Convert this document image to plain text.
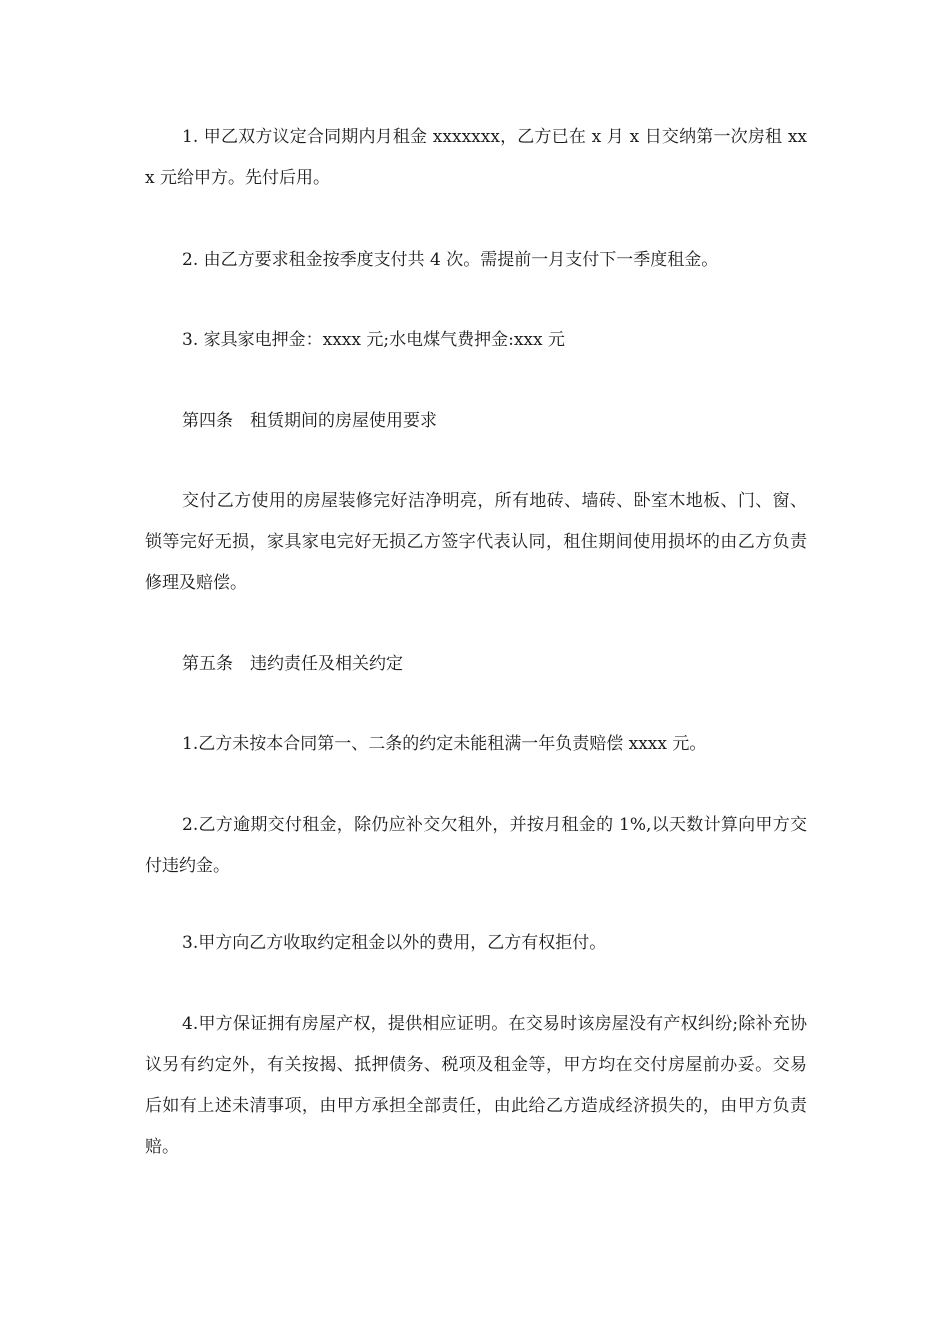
1. 甲乙双方议定合同期内月租金 xxxxxxx，乙方已在 x 月 x 日交纳第一次房租 xxx 元给甲方。先付后用。

2. 由乙方要求租金按季度支付共 4 次。需提前一月支付下一季度租金。

3. 家具家电押金：xxxx 元;水电煤气费押金:xxx 元

第四条　租赁期间的房屋使用要求

交付乙方使用的房屋装修完好洁净明亮，所有地砖、墙砖、卧室木地板、门、窗、锁等完好无损，家具家电完好无损乙方签字代表认同，租住期间使用损坏的由乙方负责修理及赔偿。

第五条　违约责任及相关约定

1.乙方未按本合同第一、二条的约定未能租满一年负责赔偿 xxxx 元。

2.乙方逾期交付租金，除仍应补交欠租外，并按月租金的 1%,以天数计算向甲方交付违约金。

3.甲方向乙方收取约定租金以外的费用，乙方有权拒付。

4.甲方保证拥有房屋产权，提供相应证明。在交易时该房屋没有产权纠纷;除补充协议另有约定外，有关按揭、抵押债务、税项及租金等，甲方均在交付房屋前办妥。交易后如有上述未清事项，由甲方承担全部责任，由此给乙方造成经济损失的，由甲方负责赔。
